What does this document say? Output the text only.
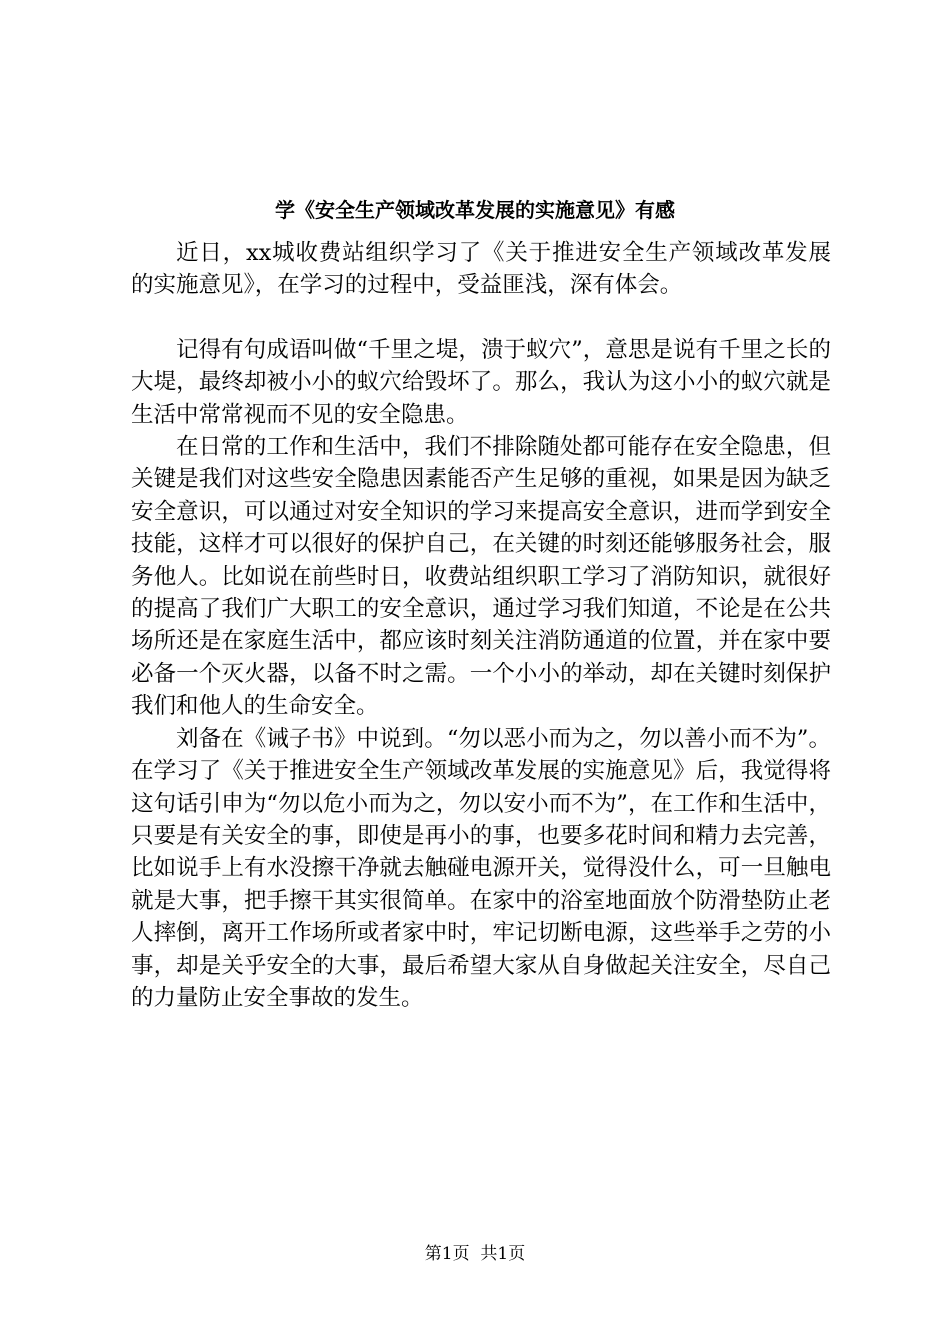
学《安全生产领域改革发展的实施意见》有感

近日，xx城收费站组织学习了《关于推进安全生产领域改革发展的实施意见》，在学习的过程中，受益匪浅，深有体会。

记得有句成语叫做“千里之堤，溃于蚁穴”，意思是说有千里之长的大堤，最终却被小小的蚁穴给毁坏了。那么，我认为这小小的蚁穴就是生活中常常视而不见的安全隐患。

在日常的工作和生活中，我们不排除随处都可能存在安全隐患，但关键是我们对这些安全隐患因素能否产生足够的重视，如果是因为缺乏安全意识，可以通过对安全知识的学习来提高安全意识，进而学到安全技能，这样才可以很好的保护自己，在关键的时刻还能够服务社会，服务他人。比如说在前些时日，收费站组织职工学习了消防知识，就很好的提高了我们广大职工的安全意识，通过学习我们知道，不论是在公共场所还是在家庭生活中，都应该时刻关注消防通道的位置，并在家中要必备一个灭火器，以备不时之需。一个小小的举动，却在关键时刻保护我们和他人的生命安全。

刘备在《诫子书》中说到。“勿以恶小而为之，勿以善小而不为”。在学习了《关于推进安全生产领域改革发展的实施意见》后，我觉得将这句话引申为“勿以危小而为之，勿以安小而不为”，在工作和生活中，只要是有关安全的事，即使是再小的事，也要多花时间和精力去完善，比如说手上有水没擦干净就去触碰电源开关，觉得没什么，可一旦触电就是大事，把手擦干其实很简单。在家中的浴室地面放个防滑垫防止老人摔倒，离开工作场所或者家中时，牢记切断电源，这些举手之劳的小事，却是关乎安全的大事，最后希望大家从自身做起关注安全，尽自己的力量防止安全事故的发生。

第1页 共1页
